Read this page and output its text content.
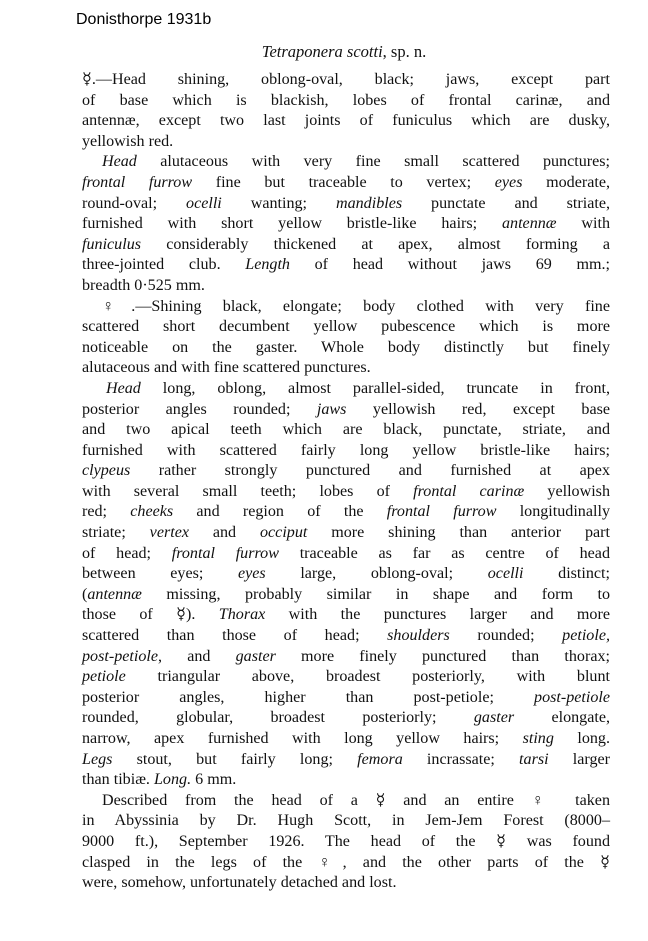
Donisthorpe 1931b
Tetraponera scotti, sp. n.
☿.—Head shining, oblong-oval, black; jaws, except part
of base which is blackish, lobes of frontal carinæ, and
antennæ, except two last joints of funiculus which are dusky,
yellowish red.
Head alutaceous with very fine small scattered punctures;
frontal furrow fine but traceable to vertex; eyes moderate,
round-oval; ocelli wanting; mandibles punctate and striate,
furnished with short yellow bristle-like hairs; antennæ with
funiculus considerably thickened at apex, almost forming a
three-jointed club. Length of head without jaws 69 mm.;
breadth 0·525 mm.
♀.—Shining black, elongate; body clothed with very fine
scattered short decumbent yellow pubescence which is more
noticeable on the gaster. Whole body distinctly but finely
alutaceous and with fine scattered punctures.
Head long, oblong, almost parallel-sided, truncate in front,
posterior angles rounded; jaws yellowish red, except base
and two apical teeth which are black, punctate, striate, and
furnished with scattered fairly long yellow bristle-like hairs;
clypeus rather strongly punctured and furnished at apex
with several small teeth; lobes of frontal carinæ yellowish
red; cheeks and region of the frontal furrow longitudinally
striate; vertex and occiput more shining than anterior part
of head; frontal furrow traceable as far as centre of head
between eyes; eyes large, oblong-oval; ocelli distinct;
(antennæ missing, probably similar in shape and form to
those of ☿). Thorax with the punctures larger and more
scattered than those of head; shoulders rounded; petiole,
post-petiole, and gaster more finely punctured than thorax;
petiole triangular above, broadest posteriorly, with blunt
posterior angles, higher than post-petiole; post-petiole
rounded, globular, broadest posteriorly; gaster elongate,
narrow, apex furnished with long yellow hairs; sting long.
Legs stout, but fairly long; femora incrassate; tarsi larger
than tibiæ. Long. 6 mm.
Described from the head of a ☿ and an entire ♀ taken
in Abyssinia by Dr. Hugh Scott, in Jem-Jem Forest (8000–
9000 ft.), September 1926. The head of the ☿ was found
clasped in the legs of the ♀, and the other parts of the ☿
were, somehow, unfortunately detached and lost.
